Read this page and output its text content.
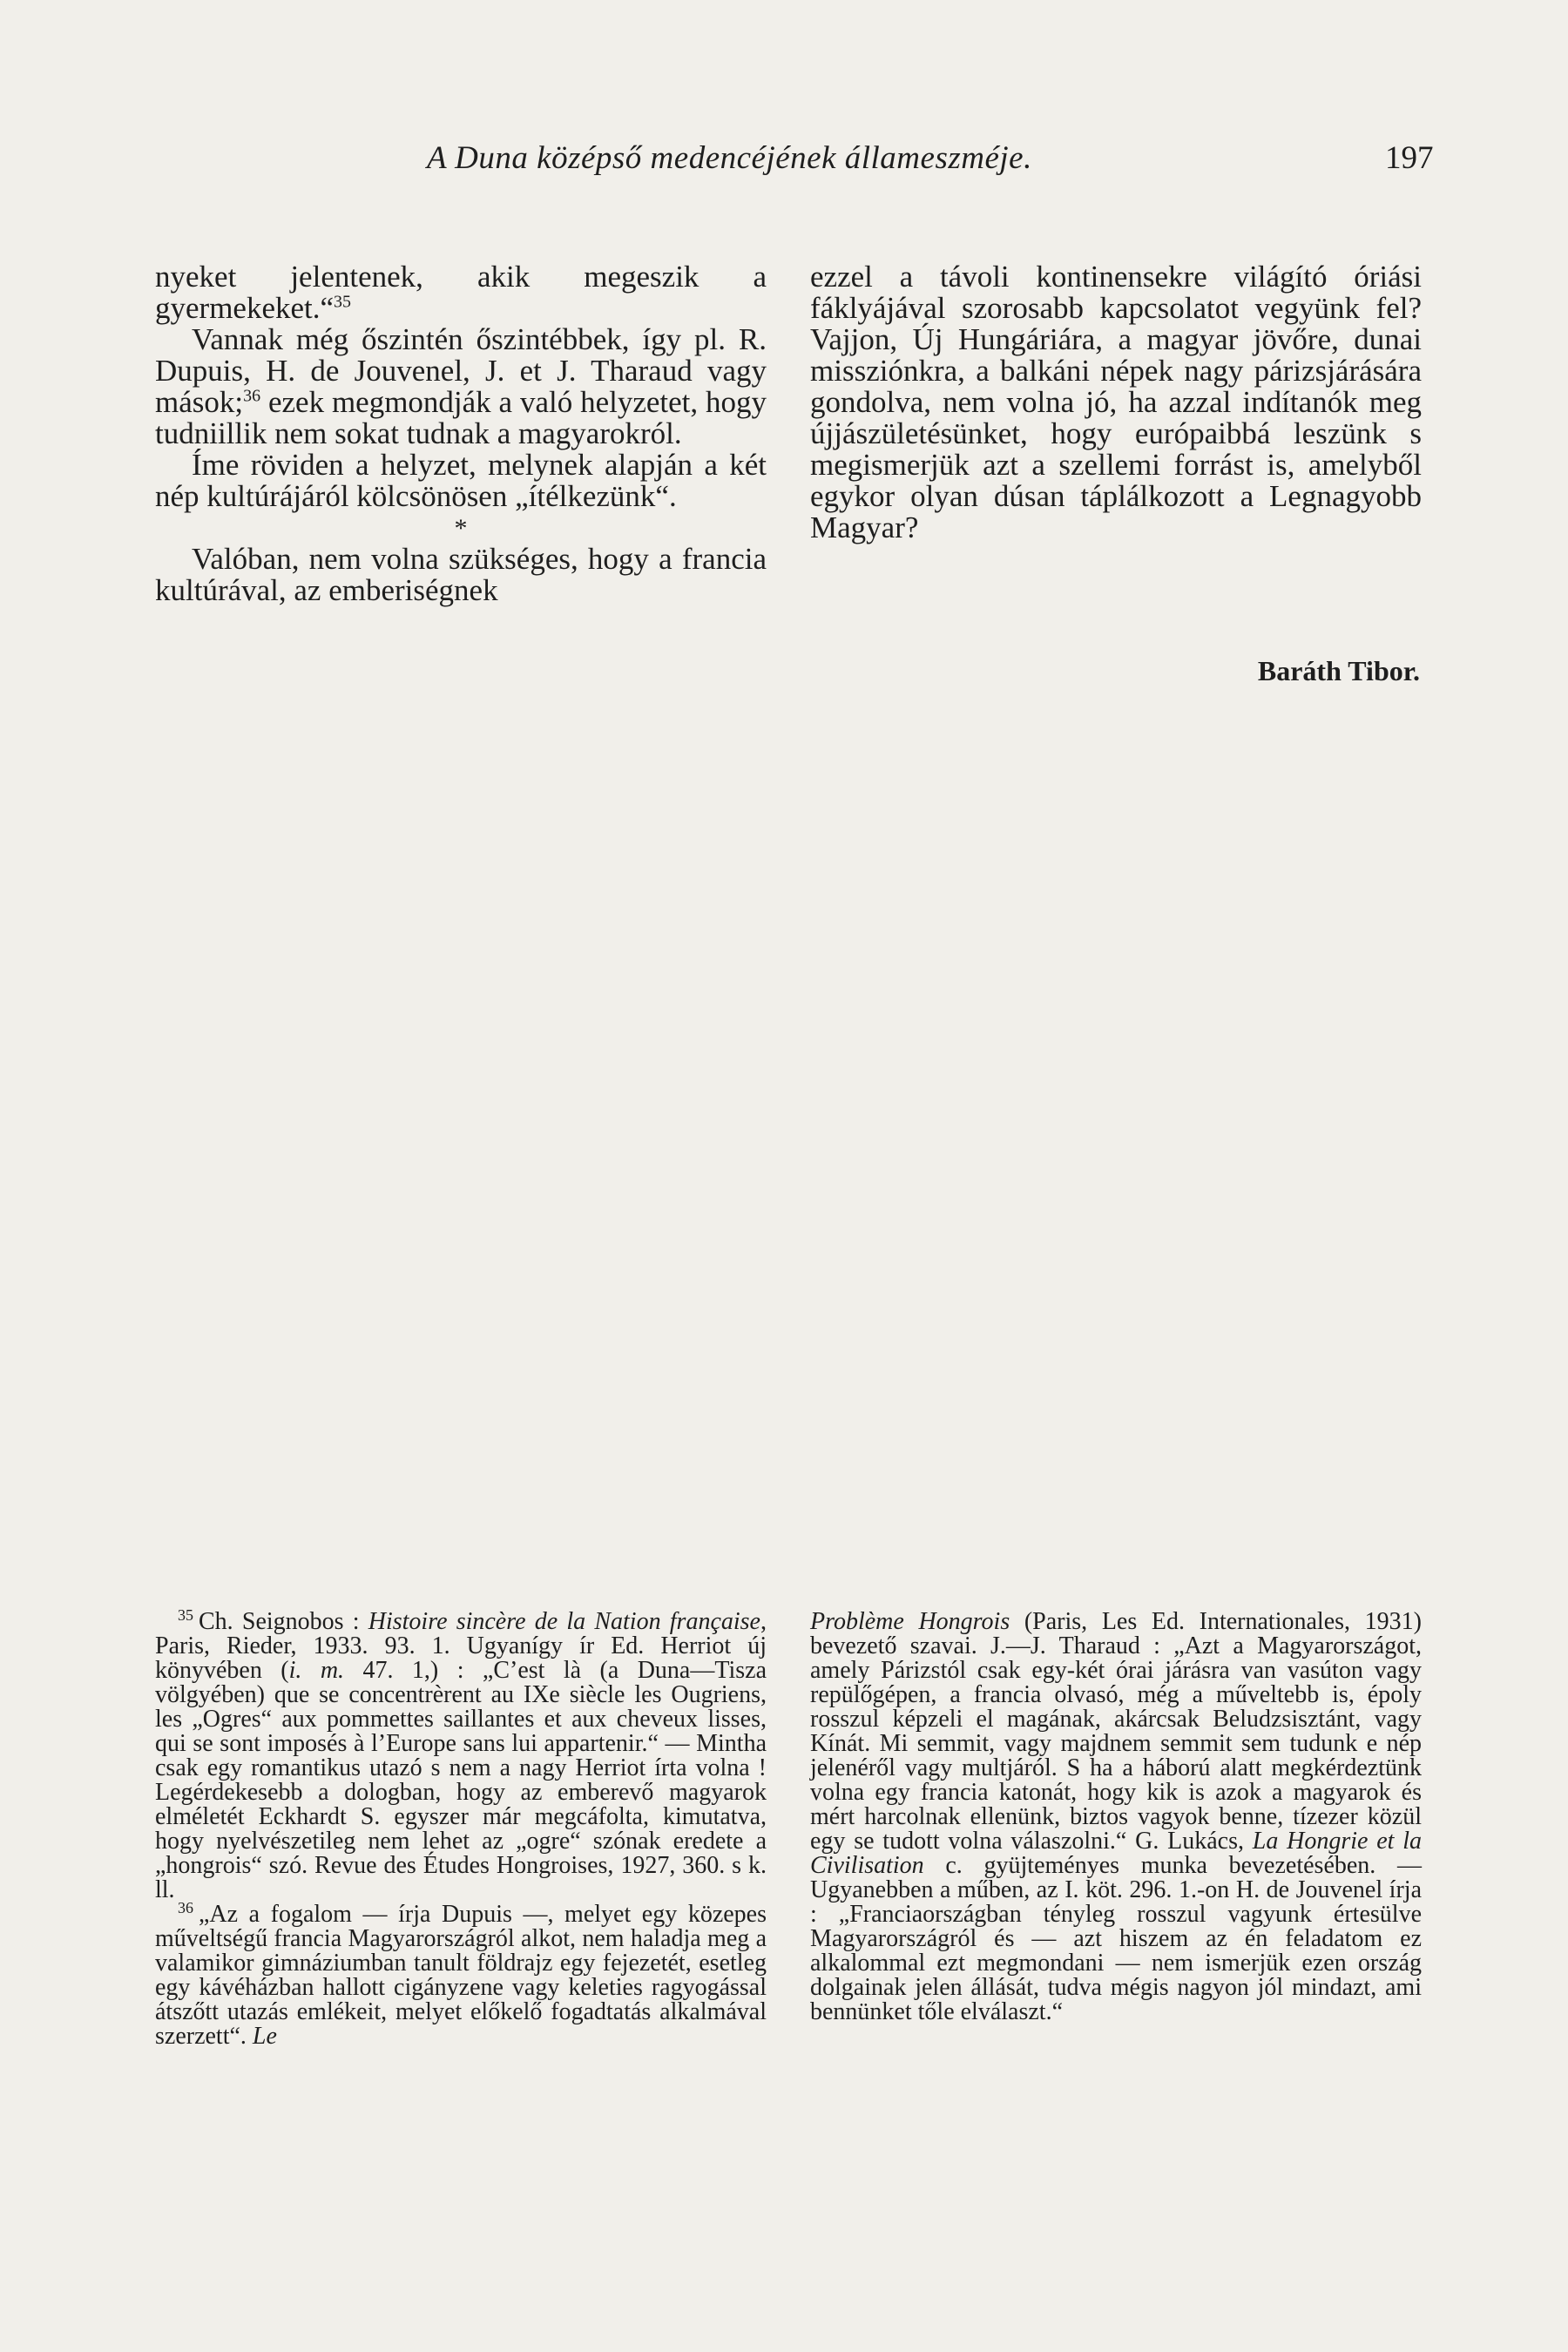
A Duna középső medencéjének állameszméje.	197

nyeket jelentenek, akik megeszik a gyermekeket.“$^{35}$

Vannak még őszintén őszintébbek, így pl. R. Dupuis, H. de Jouvenel, J. et J. Tharaud vagy mások;$^{36}$ ezek megmondják a való helyzetet, hogy tudniillik nem sokat tudnak a magyarokról.

Íme röviden a helyzet, melynek alapján a két nép kultúrájáról kölcsönösen „ítélkezünk“.

*

Valóban, nem volna szükséges, hogy a francia kultúrával, az emberiségnek

ezzel a távoli kontinensekre világító óriási fáklyájával szorosabb kapcsolatot vegyünk fel? Vajjon, Új Hungáriára, a magyar jövőre, dunai missziónkra, a balkáni népek nagy párizsjárására gondolva, nem volna jó, ha azzal indítanók meg újjászületésünket, hogy európaibbá leszünk s megismerjük azt a szellemi forrást is, amelyből egykor olyan dúsan táplálkozott a Legnagyobb Magyar?

Baráth Tibor.

$^{35}$ Ch. Seignobos : Histoire sincère de la Nation française, Paris, Rieder, 1933. 93. 1. Ugyanígy ír Ed. Herriot új könyvében (i. m. 47. 1,) : „C’est là (a Duna—Tisza völgyében) que se concentrèrent au IXe siècle les Ougriens, les „Ogres“ aux pommettes saillantes et aux cheveux lisses, qui se sont imposés à l’Europe sans lui appartenir.“ — Mintha csak egy romantikus utazó s nem a nagy Herriot írta volna ! Legérdekesebb a dologban, hogy az emberevő magyarok elméletét Eckhardt S. egyszer már megcáfolta, kimutatva, hogy nyelvészetileg nem lehet az „ogre“ szónak eredete a „hongrois“ szó. Revue des Études Hongroises, 1927, 360. s k. ll.

$^{36}$ „Az a fogalom — írja Dupuis —, melyet egy közepes műveltségű francia Magyarországról alkot, nem haladja meg a valamikor gimnáziumban tanult földrajz egy fejezetét, esetleg egy kávéházban hallott cigányzene vagy keleties ragyogással átszőtt utazás emlékeit, melyet előkelő fogadtatás alkalmával szerzett“. Le

Problème Hongrois (Paris, Les Ed. Internationales, 1931) bevezető szavai. J.—J. Tharaud : „Azt a Magyarországot, amely Párizstól csak egy-két órai járásra van vasúton vagy repülőgépen, a francia olvasó, még a műveltebb is, époly rosszul képzeli el magának, akárcsak Beludzsisztánt, vagy Kínát. Mi semmit, vagy majdnem semmit sem tudunk e nép jelenéről vagy multjáról. S ha a háború alatt megkérdeztünk volna egy francia katonát, hogy kik is azok a magyarok és mért harcolnak ellenünk, biztos vagyok benne, tízezer közül egy se tudott volna válaszolni.“ G. Lukács, La Hongrie et la Civilisation c. gyüjteményes munka bevezetésében. — Ugyanebben a műben, az I. köt. 296. 1.-on H. de Jouvenel írja : „Franciaországban tényleg rosszul vagyunk értesülve Magyarországról és — azt hiszem az én feladatom ez alkalommal ezt megmondani — nem ismerjük ezen ország dolgainak jelen állását, tudva mégis nagyon jól mindazt, ami bennünket tőle elválaszt.“
